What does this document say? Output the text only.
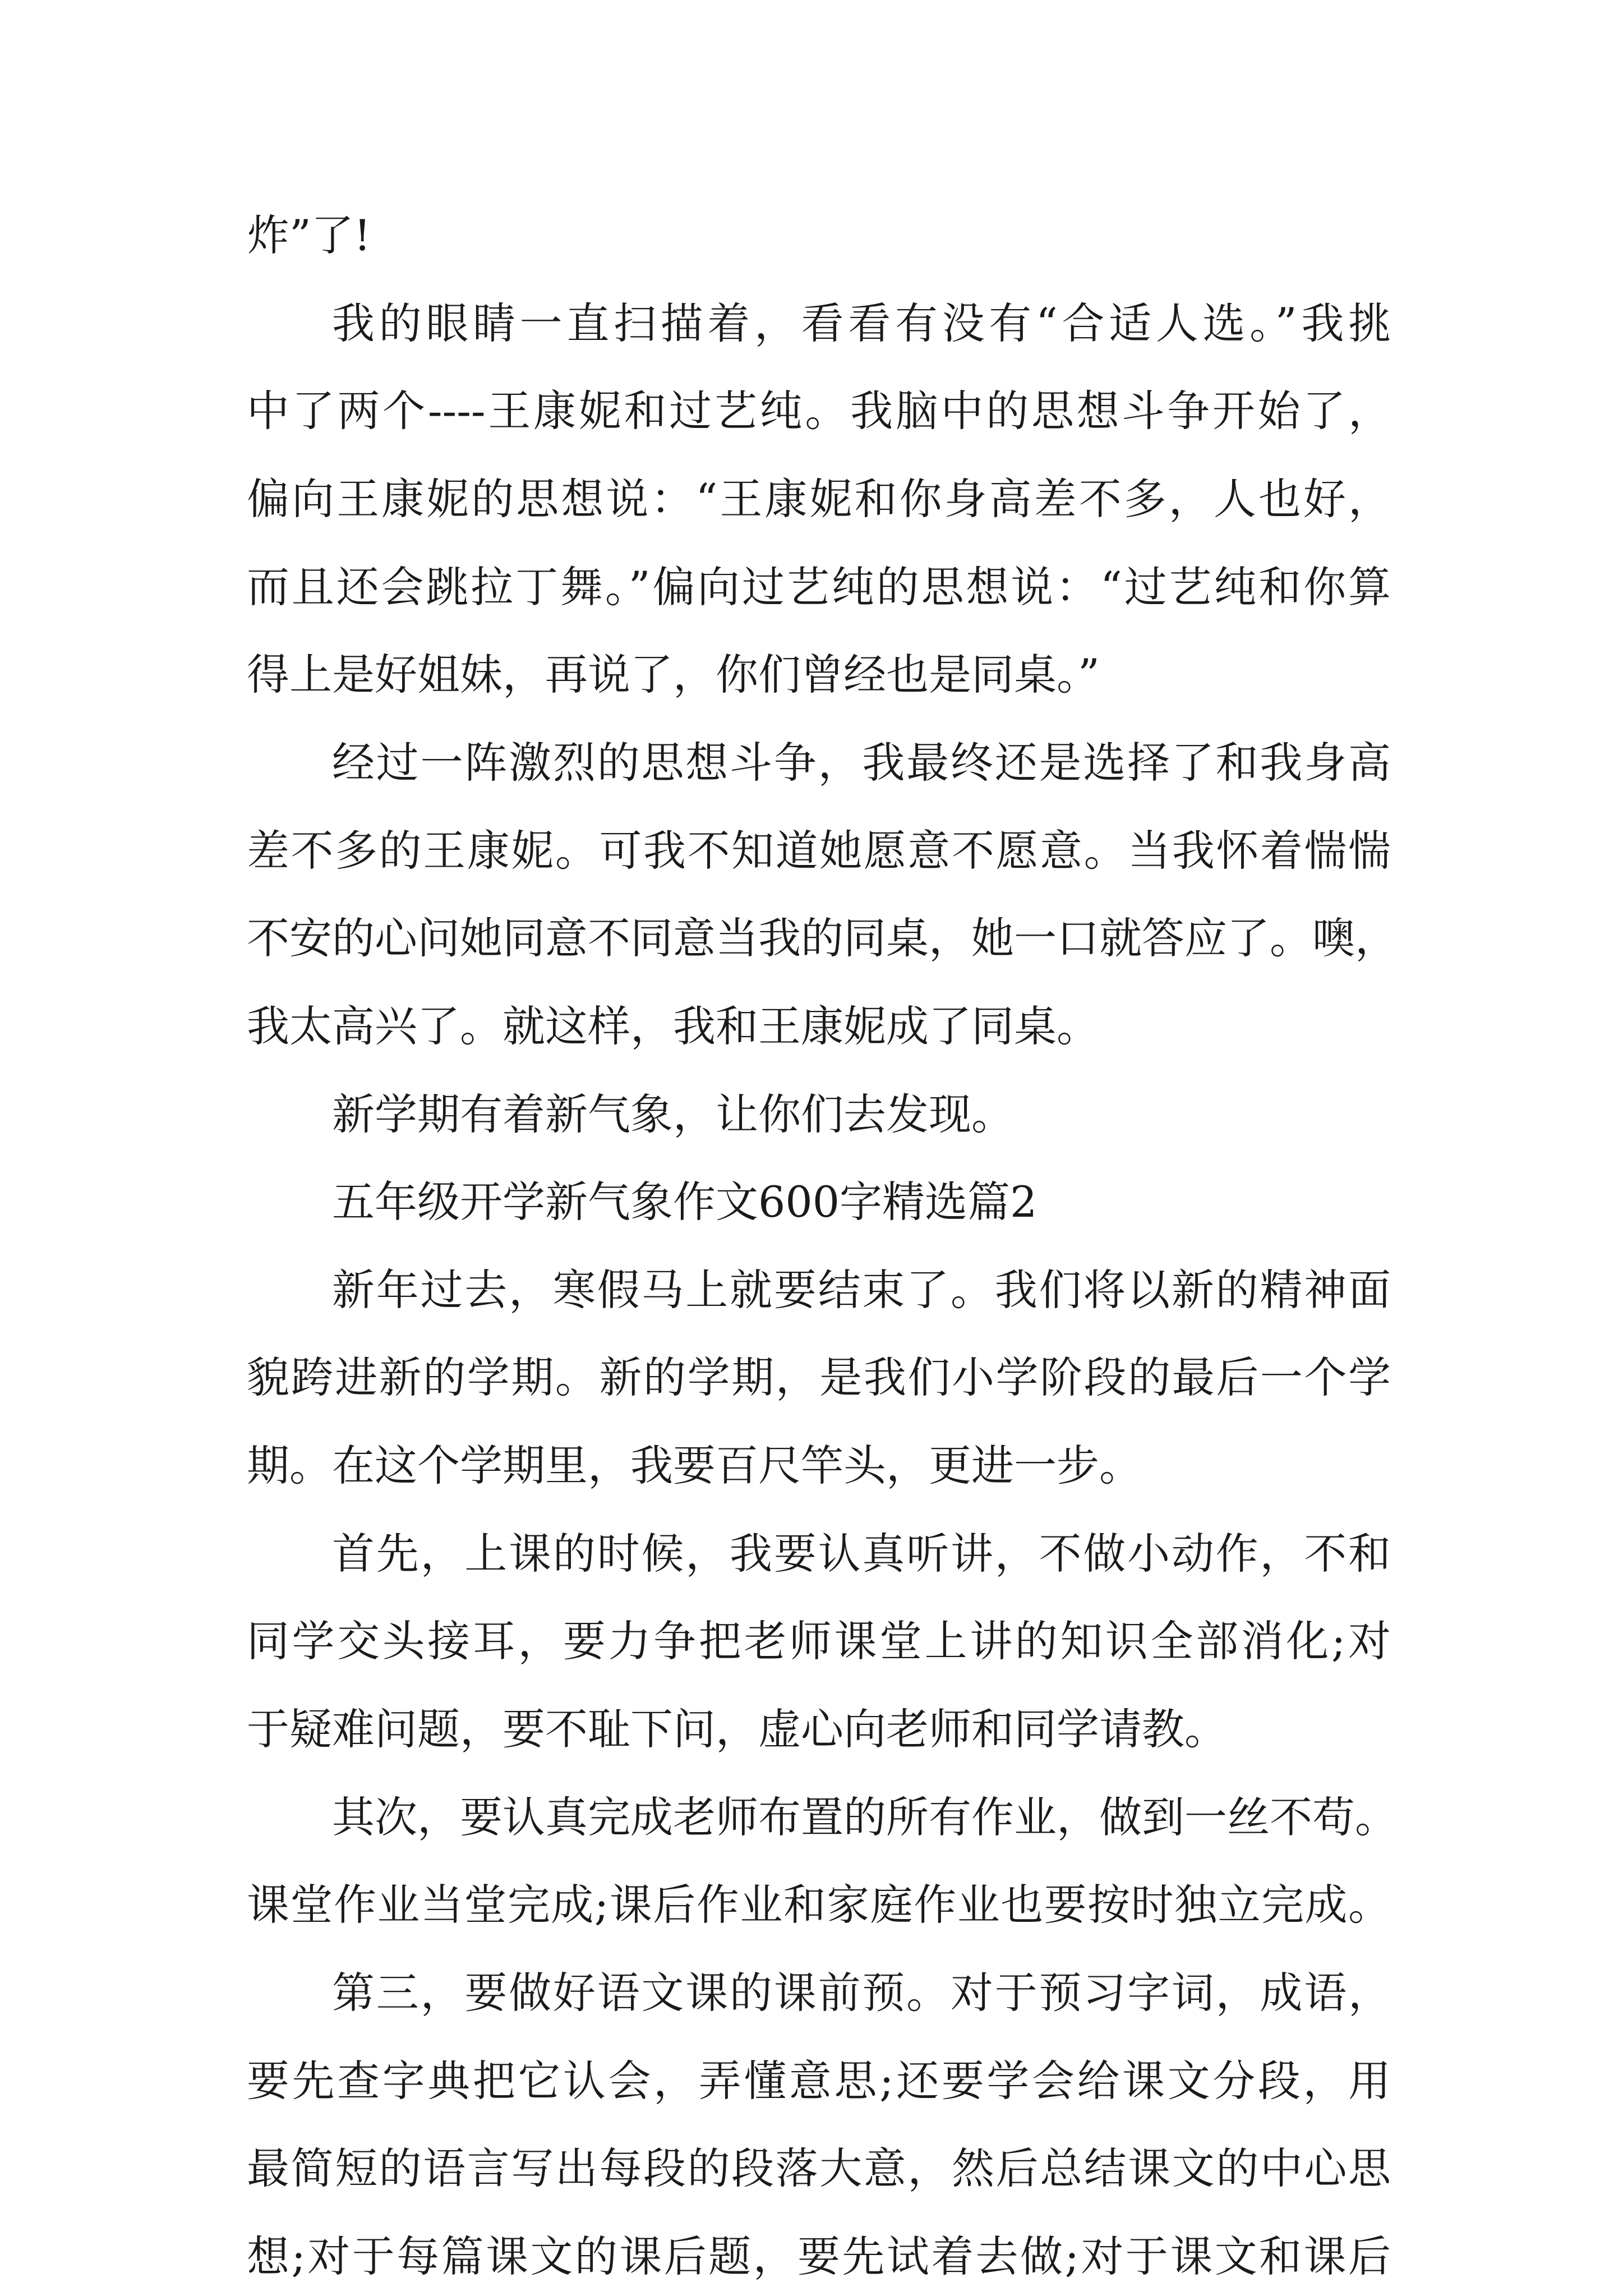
炸”了!
我的眼睛一直扫描着，看看有没有“合适人选。”我挑
中了两个----王康妮和过艺纯。我脑中的思想斗争开始了，
偏向王康妮的思想说：“王康妮和你身高差不多，人也好，
而且还会跳拉丁舞。”偏向过艺纯的思想说：“过艺纯和你算
得上是好姐妹，再说了，你们曾经也是同桌。”
经过一阵激烈的思想斗争，我最终还是选择了和我身高
差不多的王康妮。可我不知道她愿意不愿意。当我怀着惴惴
不安的心问她同意不同意当我的同桌，她一口就答应了。噢，
我太高兴了。就这样，我和王康妮成了同桌。
新学期有着新气象，让你们去发现。
五年级开学新气象作文600字精选篇2
新年过去，寒假马上就要结束了。我们将以新的精神面
貌跨进新的学期。新的学期，是我们小学阶段的最后一个学
期。在这个学期里，我要百尺竿头，更进一步。
首先，上课的时候，我要认真听讲，不做小动作，不和
同学交头接耳，要力争把老师课堂上讲的知识全部消化;对
于疑难问题，要不耻下问，虚心向老师和同学请教。
其次，要认真完成老师布置的所有作业，做到一丝不苟。
课堂作业当堂完成;课后作业和家庭作业也要按时独立完成。
第三，要做好语文课的课前预。对于预习字词，成语，
要先查字典把它认会，弄懂意思;还要学会给课文分段，用
最简短的语言写出每段的段落大意，然后总结课文的中心思
想;对于每篇课文的课后题，要先试着去做;对于课文和课后
